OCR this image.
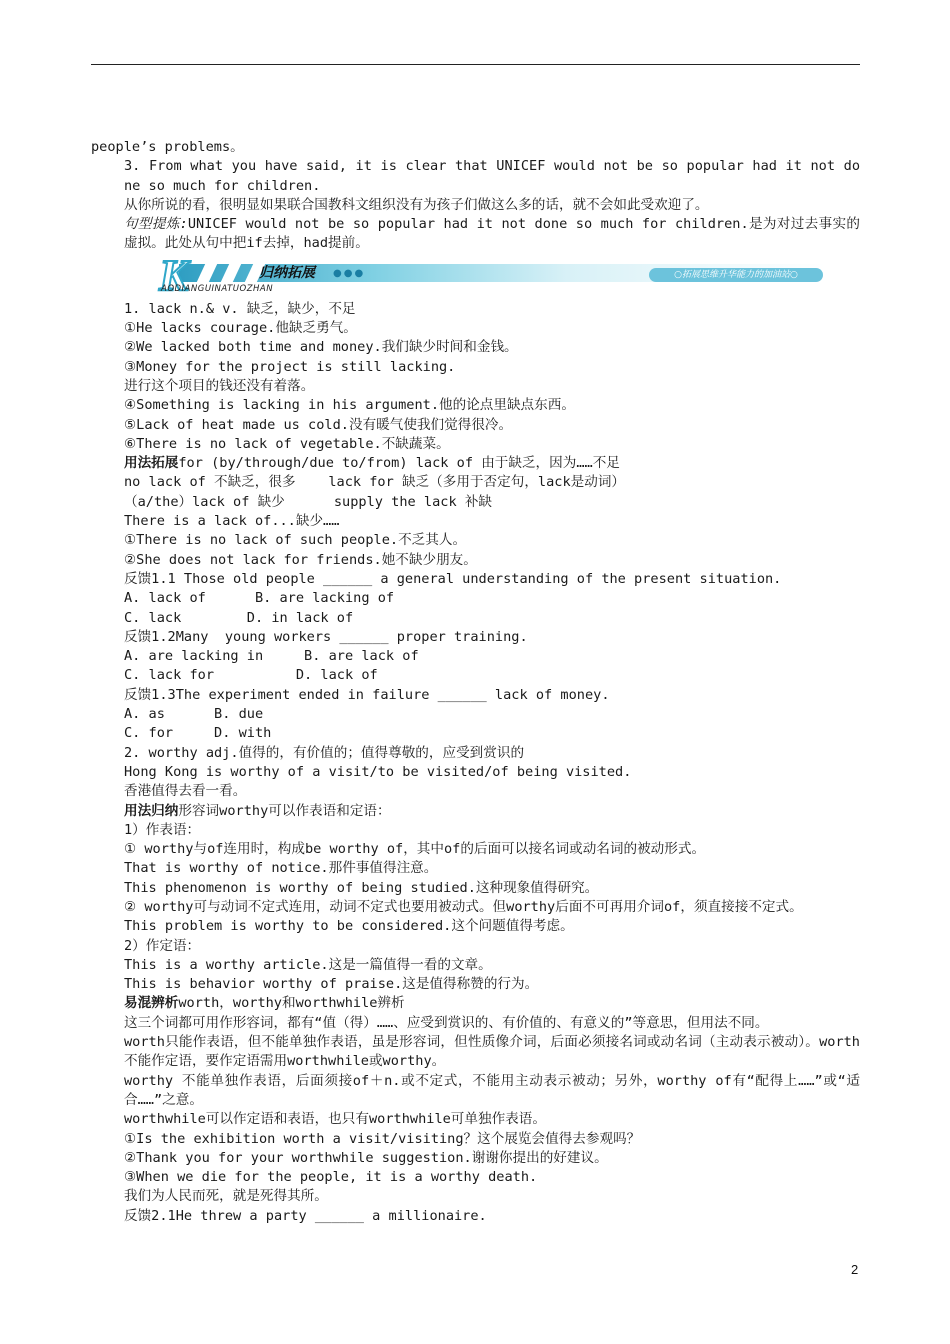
people’s problems。
3. From what you have said, it is clear that UNICEF would not be so popular had it not done so much for children.
从你所说的看，很明显如果联合国教科文组织没有为孩子们做这么多的话，就不会如此受欢迎了。
句型提炼:UNICEF would not be so popular had it not done so much for children.是为对过去事实的虚拟。此处从句中把if去掉，had提前。
K	归纳拓展 ●●●
AODIANGUINATUOZHAN
○拓展思维升华能力的加油站○
1. lack n.& v. 缺乏，缺少，不足
①He lacks courage.他缺乏勇气。
②We lacked both time and money.我们缺少时间和金钱。
③Money for the project is still lacking.
进行这个项目的钱还没有着落。
④Something is lacking in his argument.他的论点里缺点东西。
⑤Lack of heat made us cold.没有暖气使我们觉得很冷。
⑥There is no lack of vegetable.不缺蔬菜。
用法拓展for (by/through/due to/from) lack of 由于缺乏，因为……不足
no lack of 不缺乏，很多    lack for 缺乏（多用于否定句，lack是动词）
（a/the）lack of 缺少      supply the lack 补缺
There is a lack of...缺少……
①There is no lack of such people.不乏其人。
②She does not lack for friends.她不缺少朋友。
反馈1.1 Those old people ______ a general understanding of the present situation.
A. lack of      B. are lacking of
C. lack        D. in lack of
反馈1.2Many  young workers ______ proper training.
A. are lacking in     B. are lack of
C. lack for          D. lack of
反馈1.3The experiment ended in failure ______ lack of money.
A. as      B. due
C. for     D. with
2. worthy adj.值得的，有价值的；值得尊敬的，应受到赏识的
Hong Kong is worthy of a visit/to be visited/of being visited.
香港值得去看一看。
用法归纳形容词worthy可以作表语和定语：
1）作表语：
① worthy与of连用时，构成be worthy of，其中of的后面可以接名词或动名词的被动形式。
That is worthy of notice.那件事值得注意。
This phenomenon is worthy of being studied.这种现象值得研究。
② worthy可与动词不定式连用，动词不定式也要用被动式。但worthy后面不可再用介词of，须直接接不定式。
This problem is worthy to be considered.这个问题值得考虑。
2）作定语：
This is a worthy article.这是一篇值得一看的文章。
This is behavior worthy of praise.这是值得称赞的行为。
易混辨析worth，worthy和worthwhile辨析
这三个词都可用作形容词，都有“值（得）……、应受到赏识的、有价值的、有意义的”等意思，但用法不同。
worth只能作表语，但不能单独作表语，虽是形容词，但性质像介词，后面必须接名词或动名词（主动表示被动）。worth不能作定语，要作定语需用worthwhile或worthy。
worthy 不能单独作表语，后面须接of＋n.或不定式，不能用主动表示被动；另外，worthy of有“配得上……”或“适合……”之意。
worthwhile可以作定语和表语，也只有worthwhile可单独作表语。
①Is the exhibition worth a visit/visiting？这个展览会值得去参观吗？
②Thank you for your worthwhile suggestion.谢谢你提出的好建议。
③When we die for the people, it is a worthy death.
我们为人民而死，就是死得其所。
反馈2.1He threw a party ______ a millionaire.
2
